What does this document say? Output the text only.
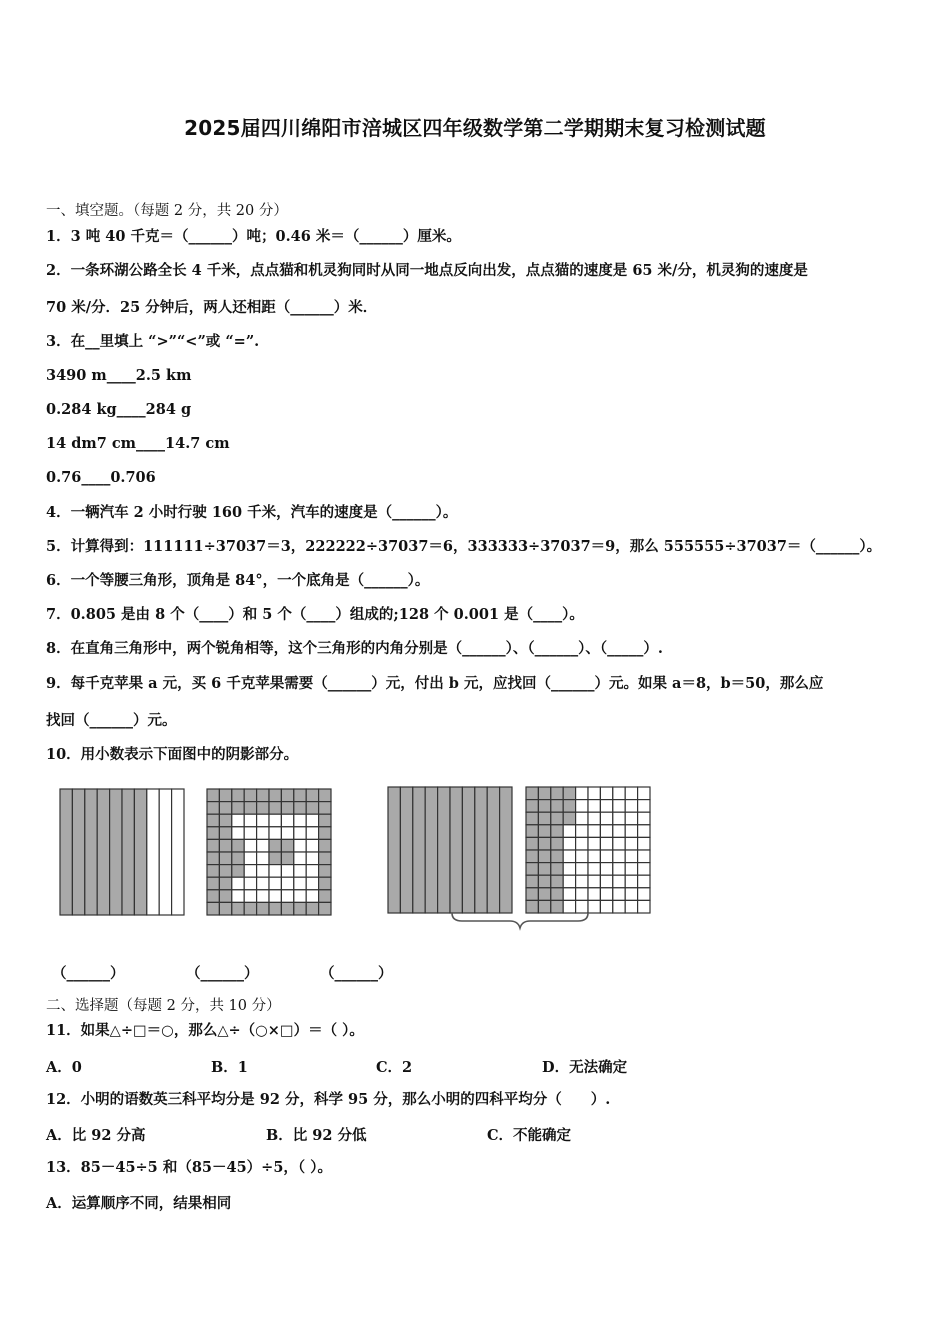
2025届四川绵阳市涪城区四年级数学第二学期期末复习检测试题
一、填空题。（每题 2 分，共 20 分）
1．3 吨 40 千克＝（______）吨；0.46 米＝（______）厘米。
2．一条环湖公路全长 4 千米，点点猫和机灵狗同时从同一地点反向出发，点点猫的速度是 65 米/分，机灵狗的速度是
70 米/分．25 分钟后，两人还相距（______）米．
3．在__里填上 “>”“<”或 “=”.
3490 m____2.5 km
0.284 kg____284 g
14 dm7 cm____14.7 cm
0.76____0.706
4．一辆汽车 2 小时行驶 160 千米，汽车的速度是（______）。
5．计算得到：111111÷37037＝3，222222÷37037＝6，333333÷37037＝9，那么 555555÷37037＝（______）。
6．一个等腰三角形，顶角是 84°，一个底角是（______）。
7．0.805 是由 8 个（____）和 5 个（____）组成的;128 个 0.001 是（____）。
8．在直角三角形中，两个锐角相等，这个三角形的内角分别是（______）、（______）、（_____）.
9．每千克苹果 a 元，买 6 千克苹果需要（______）元，付出 b 元，应找回（______）元。如果 a＝8，b＝50，那么应
找回（______）元。
10．用小数表示下面图中的阴影部分。
（______）	（______）	（______）
二、选择题（每题 2 分，共 10 分）
11．如果△÷□＝○，那么△÷（○×□）＝（ ）。
A．0	B．1	C．2	D．无法确定
12．小明的语数英三科平均分是 92 分，科学 95 分，那么小明的四科平均分（　　）.
A．比 92 分高	B．比 92 分低	C．不能确定
13．85－45÷5 和（85－45）÷5，（ ）。
A．运算顺序不同，结果相同
